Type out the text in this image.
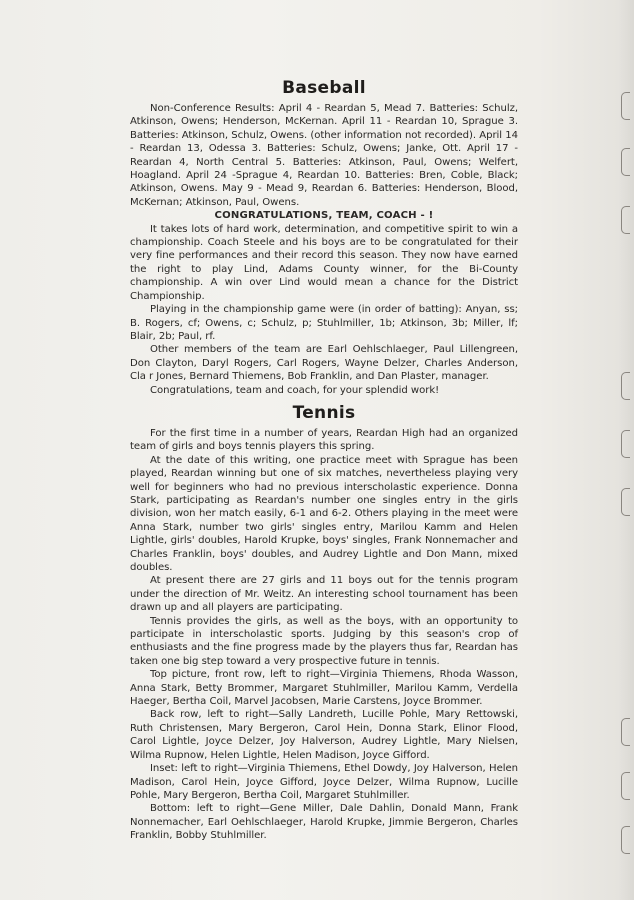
Baseball

Non-Conference Results: April 4 - Reardan 5, Mead 7. Batteries: Schulz, Atkinson, Owens; Henderson, McKernan. April 11 - Reardan 10, Sprague 3. Batteries: Atkinson, Schulz, Owens. (other information not recorded). April 14 - Reardan 13, Odessa 3. Batteries: Schulz, Owens; Janke, Ott. April 17 - Reardan 4, North Central 5. Batteries: Atkinson, Paul, Owens; Welfert, Hoagland. April 24 -Sprague 4, Reardan 10. Batteries: Bren, Coble, Black; Atkinson, Owens. May 9 - Mead 9, Reardan 6. Batteries: Henderson, Blood, McKernan; Atkinson, Paul, Owens.

CONGRATULATIONS, TEAM, COACH - !

It takes lots of hard work, determination, and competitive spirit to win a championship. Coach Steele and his boys are to be congratulated for their very fine performances and their record this season. They now have earned the right to play Lind, Adams County winner, for the Bi-County championship. A win over Lind would mean a chance for the District Championship.

Playing in the championship game were (in order of batting): Anyan, ss; B. Rogers, cf; Owens, c; Schulz, p; Stuhlmiller, 1b; Atkinson, 3b; Miller, lf; Blair, 2b; Paul, rf.

Other members of the team are Earl Oehlschlaeger, Paul Lillengreen, Don Clayton, Daryl Rogers, Carl Rogers, Wayne Delzer, Charles Anderson, Cla r Jones, Bernard Thiemens, Bob Franklin, and Dan Plaster, manager.

Congratulations, team and coach, for your splendid work!

Tennis

For the first time in a number of years, Reardan High had an organized team of girls and boys tennis players this spring.

At the date of this writing, one practice meet with Sprague has been played, Reardan winning but one of six matches, nevertheless playing very well for beginners who had no previous interscholastic experience. Donna Stark, participating as Reardan's number one singles entry in the girls division, won her match easily, 6-1 and 6-2. Others playing in the meet were Anna Stark, number two girls' singles entry, Marilou Kamm and Helen Lightle, girls' doubles, Harold Krupke, boys' singles, Frank Nonnemacher and Charles Franklin, boys' doubles, and Audrey Lightle and Don Mann, mixed doubles.

At present there are 27 girls and 11 boys out for the tennis program under the direction of Mr. Weitz. An interesting school tournament has been drawn up and all players are participating.

Tennis provides the girls, as well as the boys, with an opportunity to participate in interscholastic sports. Judging by this season's crop of enthusiasts and the fine progress made by the players thus far, Reardan has taken one big step toward a very prospective future in tennis.

Top picture, front row, left to right—Virginia Thiemens, Rhoda Wasson, Anna Stark, Betty Brommer, Margaret Stuhlmiller, Marilou Kamm, Verdella Haeger, Bertha Coil, Marvel Jacobsen, Marie Carstens, Joyce Brommer.

Back row, left to right—Sally Landreth, Lucille Pohle, Mary Rettowski, Ruth Christensen, Mary Bergeron, Carol Hein, Donna Stark, Elinor Flood, Carol Lightle, Joyce Delzer, Joy Halverson, Audrey Lightle, Mary Nielsen, Wilma Rupnow, Helen Lightle, Helen Madison, Joyce Gifford.

Inset: left to right—Virginia Thiemens, Ethel Dowdy, Joy Halverson, Helen Madison, Carol Hein, Joyce Gifford, Joyce Delzer, Wilma Rupnow, Lucille Pohle, Mary Bergeron, Bertha Coil, Margaret Stuhlmiller.

Bottom: left to right—Gene Miller, Dale Dahlin, Donald Mann, Frank Nonnemacher, Earl Oehlschlaeger, Harold Krupke, Jimmie Bergeron, Charles Franklin, Bobby Stuhlmiller.
